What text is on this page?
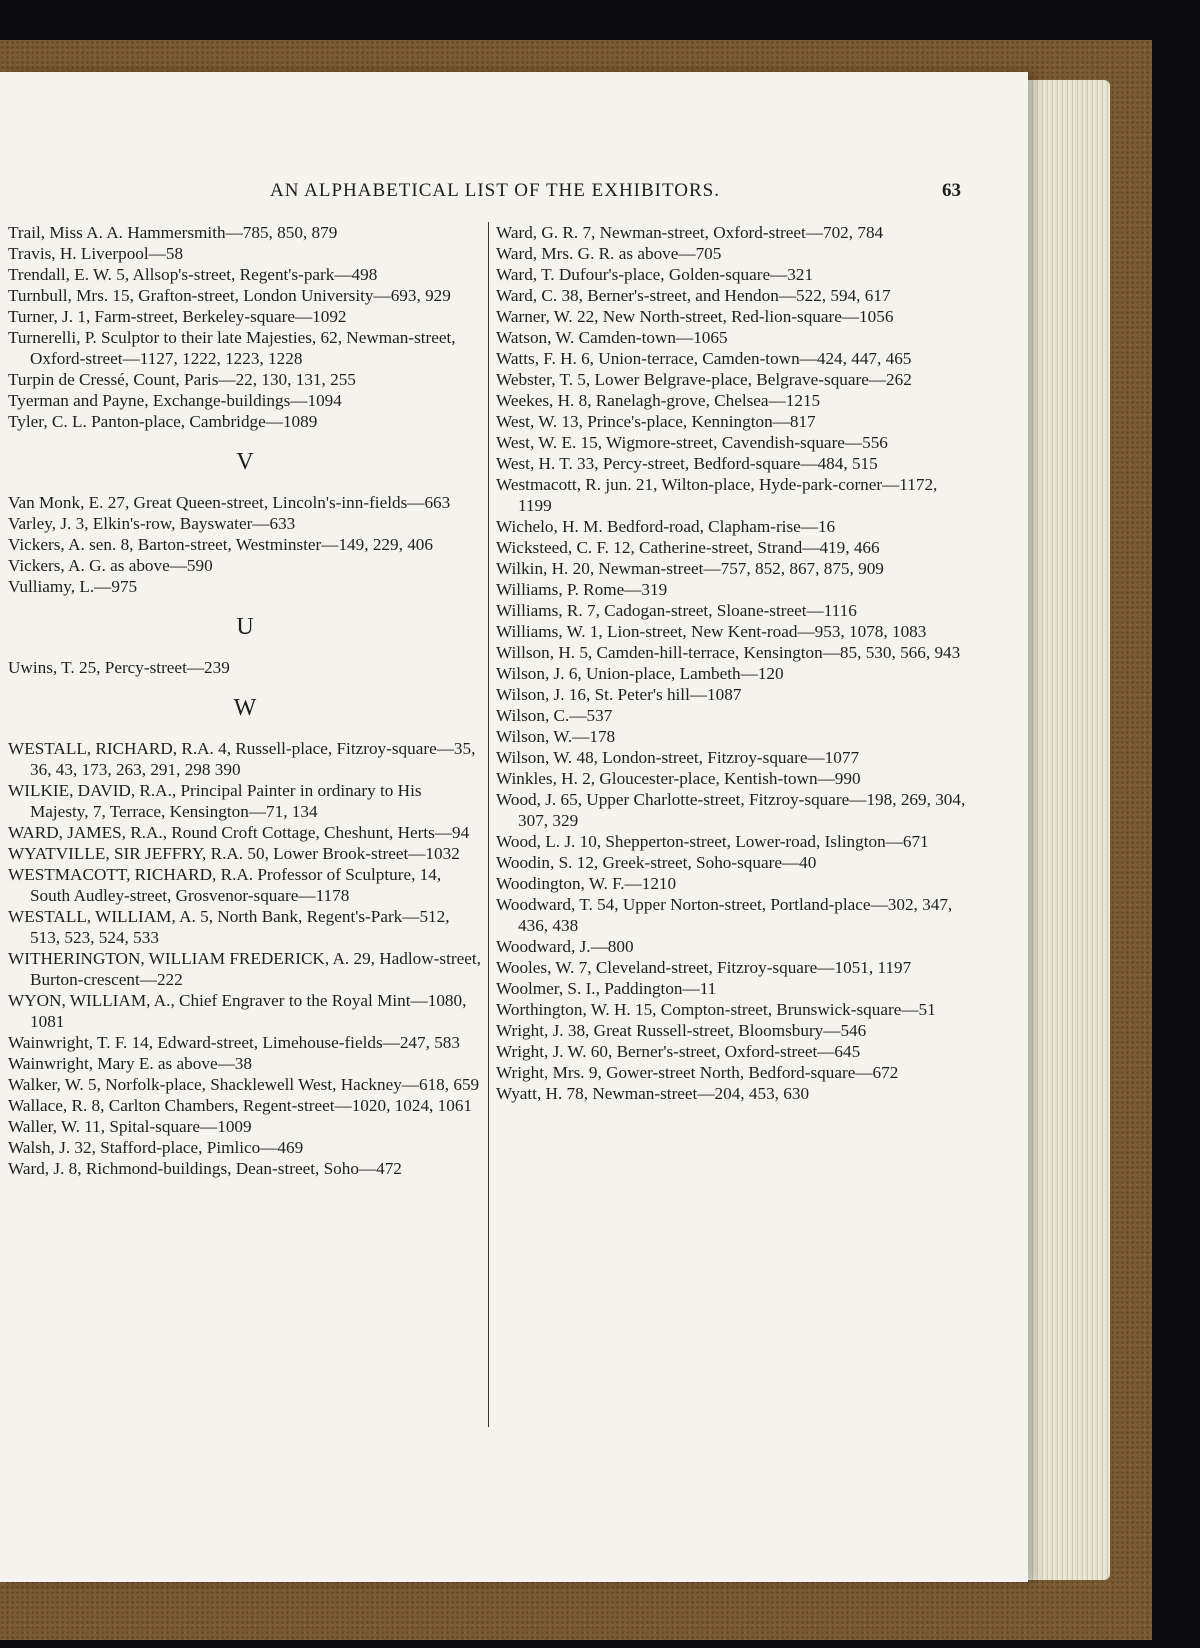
AN ALPHABETICAL LIST OF THE EXHIBITORS.	63

Trail, Miss A. A. Hammersmith—785, 850, 879

Travis, H. Liverpool—58

Trendall, E. W. 5, Allsop's-street, Regent's-park—498

Turnbull, Mrs. 15, Grafton-street, London University—693, 929

Turner, J. 1, Farm-street, Berkeley-square—1092

Turnerelli, P. Sculptor to their late Majesties, 62, Newman-street, Oxford-street—1127, 1222, 1223, 1228

Turpin de Cressé, Count, Paris—22, 130, 131, 255

Tyerman and Payne, Exchange-buildings—1094

Tyler, C. L. Panton-place, Cambridge—1089

V

Van Monk, E. 27, Great Queen-street, Lincoln's-inn-fields—663

Varley, J. 3, Elkin's-row, Bayswater—633

Vickers, A. sen. 8, Barton-street, Westminster—149, 229, 406

Vickers, A. G. as above—590

Vulliamy, L.—975

U

Uwins, T. 25, Percy-street—239

W

WESTALL, RICHARD, R.A. 4, Russell-place, Fitzroy-square—35, 36, 43, 173, 263, 291, 298 390

WILKIE, DAVID, R.A., Principal Painter in ordinary to His Majesty, 7, Terrace, Kensington—71, 134

WARD, JAMES, R.A., Round Croft Cottage, Cheshunt, Herts—94

WYATVILLE, SIR JEFFRY, R.A. 50, Lower Brook-street—1032

WESTMACOTT, RICHARD, R.A. Professor of Sculpture, 14, South Audley-street, Grosvenor-square—1178

WESTALL, WILLIAM, A. 5, North Bank, Regent's-Park—512, 513, 523, 524, 533

WITHERINGTON, WILLIAM FREDERICK, A. 29, Hadlow-street, Burton-crescent—222

WYON, WILLIAM, A., Chief Engraver to the Royal Mint—1080, 1081

Wainwright, T. F. 14, Edward-street, Limehouse-fields—247, 583

Wainwright, Mary E. as above—38

Walker, W. 5, Norfolk-place, Shacklewell West, Hackney—618, 659

Wallace, R. 8, Carlton Chambers, Regent-street—1020, 1024, 1061

Waller, W. 11, Spital-square—1009

Walsh, J. 32, Stafford-place, Pimlico—469

Ward, J. 8, Richmond-buildings, Dean-street, Soho—472

Ward, G. R. 7, Newman-street, Oxford-street—702, 784

Ward, Mrs. G. R. as above—705

Ward, T. Dufour's-place, Golden-square—321

Ward, C. 38, Berner's-street, and Hendon—522, 594, 617

Warner, W. 22, New North-street, Red-lion-square—1056

Watson, W. Camden-town—1065

Watts, F. H. 6, Union-terrace, Camden-town—424, 447, 465

Webster, T. 5, Lower Belgrave-place, Belgrave-square—262

Weekes, H. 8, Ranelagh-grove, Chelsea—1215

West, W. 13, Prince's-place, Kennington—817

West, W. E. 15, Wigmore-street, Cavendish-square—556

West, H. T. 33, Percy-street, Bedford-square—484, 515

Westmacott, R. jun. 21, Wilton-place, Hyde-park-corner—1172, 1199

Wichelo, H. M. Bedford-road, Clapham-rise—16

Wicksteed, C. F. 12, Catherine-street, Strand—419, 466

Wilkin, H. 20, Newman-street—757, 852, 867, 875, 909

Williams, P. Rome—319

Williams, R. 7, Cadogan-street, Sloane-street—1116

Williams, W. 1, Lion-street, New Kent-road—953, 1078, 1083

Willson, H. 5, Camden-hill-terrace, Kensington—85, 530, 566, 943

Wilson, J. 6, Union-place, Lambeth—120

Wilson, J. 16, St. Peter's hill—1087

Wilson, C.—537

Wilson, W.—178

Wilson, W. 48, London-street, Fitzroy-square—1077

Winkles, H. 2, Gloucester-place, Kentish-town—990

Wood, J. 65, Upper Charlotte-street, Fitzroy-square—198, 269, 304, 307, 329

Wood, L. J. 10, Shepperton-street, Lower-road, Islington—671

Woodin, S. 12, Greek-street, Soho-square—40

Woodington, W. F.—1210

Woodward, T. 54, Upper Norton-street, Portland-place—302, 347, 436, 438

Woodward, J.—800

Wooles, W. 7, Cleveland-street, Fitzroy-square—1051, 1197

Woolmer, S. I., Paddington—11

Worthington, W. H. 15, Compton-street, Brunswick-square—51

Wright, J. 38, Great Russell-street, Bloomsbury—546

Wright, J. W. 60, Berner's-street, Oxford-street—645

Wright, Mrs. 9, Gower-street North, Bedford-square—672

Wyatt, H. 78, Newman-street—204, 453, 630
